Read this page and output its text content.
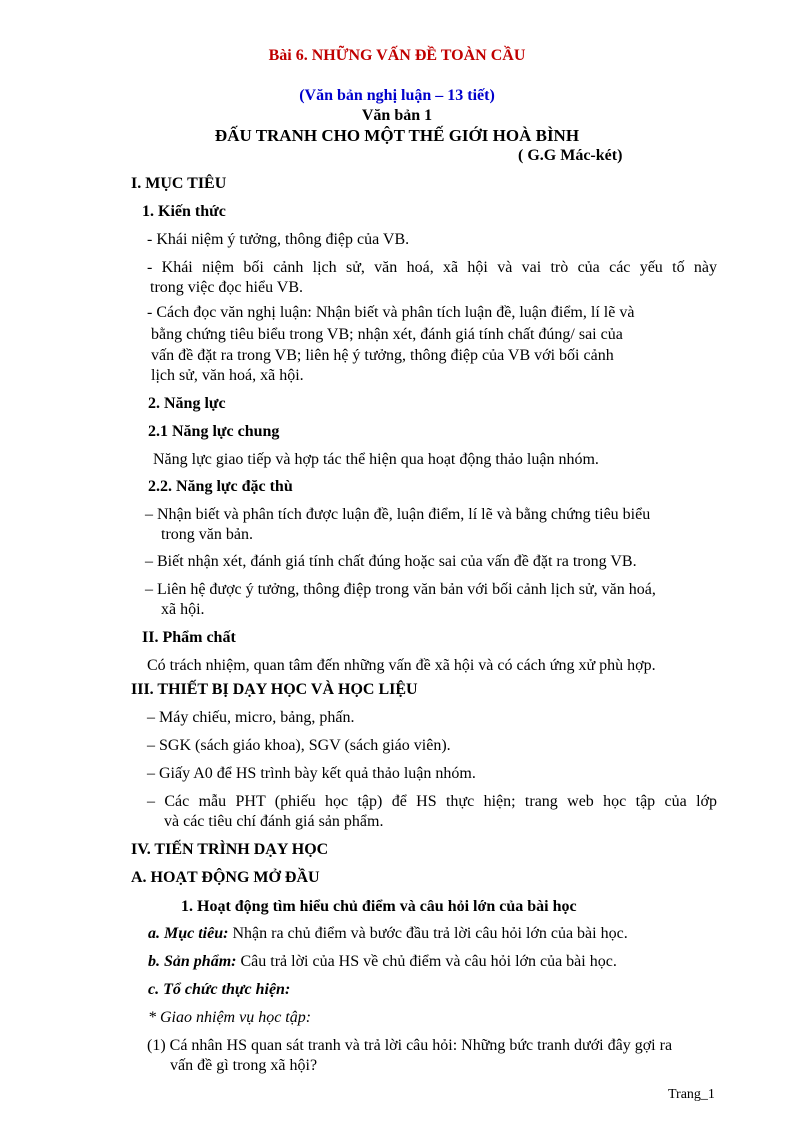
Bài 6. NHỮNG VẤN ĐỀ TOÀN CẦU
(Văn bản nghị luận – 13 tiết)
Văn bản 1
ĐẤU TRANH CHO MỘT THẾ GIỚI HOÀ BÌNH
( G.G Mác-két)
I. MỤC TIÊU
1. Kiến thức
- Khái niệm ý tưởng, thông điệp của VB.
- Khái niệm bối cảnh lịch sử, văn hoá, xã hội và vai trò của các yếu tố này
trong việc đọc hiểu VB.
- Cách đọc văn nghị luận: Nhận biết và phân tích luận đề, luận điểm, lí lẽ và
bằng chứng tiêu biểu trong VB; nhận xét, đánh giá tính chất đúng/ sai của
vấn đề đặt ra trong VB; liên hệ ý tưởng, thông điệp của VB với bối cảnh
lịch sử, văn hoá, xã hội.
2. Năng lực
2.1 Năng lực chung
Năng lực giao tiếp và hợp tác thể hiện qua hoạt động thảo luận nhóm.
2.2. Năng lực đặc thù
– Nhận biết và phân tích được luận đề, luận điểm, lí lẽ và bằng chứng tiêu biểu
trong văn bản.
– Biết nhận xét, đánh giá tính chất đúng hoặc sai của vấn đề đặt ra trong VB.
– Liên hệ được ý tưởng, thông điệp trong văn bản với bối cảnh lịch sử, văn hoá,
xã hội.
II. Phẩm chất
Có trách nhiệm, quan tâm đến những vấn đề xã hội và có cách ứng xử phù hợp.
III. THIẾT BỊ DẠY HỌC VÀ HỌC LIỆU
– Máy chiếu, micro, bảng, phấn.
– SGK (sách giáo khoa), SGV (sách giáo viên).
– Giấy A0 để HS trình bày kết quả thảo luận nhóm.
– Các mẫu PHT (phiếu học tập) để HS thực hiện; trang web học tập của lớp
và các tiêu chí đánh giá sản phẩm.
IV. TIẾN TRÌNH DẠY HỌC
A. HOẠT ĐỘNG MỞ ĐẦU
1. Hoạt động tìm hiểu chủ điểm và câu hỏi lớn của bài học
a. Mục tiêu: Nhận ra chủ điểm và bước đầu trả lời câu hỏi lớn của bài học.
b. Sản phẩm: Câu trả lời của HS về chủ điểm và câu hỏi lớn của bài học.
c. Tổ chức thực hiện:
* Giao nhiệm vụ học tập:
(1) Cá nhân HS quan sát tranh và trả lời câu hỏi: Những bức tranh dưới đây gợi ra
vấn đề gì trong xã hội?
Trang_1
